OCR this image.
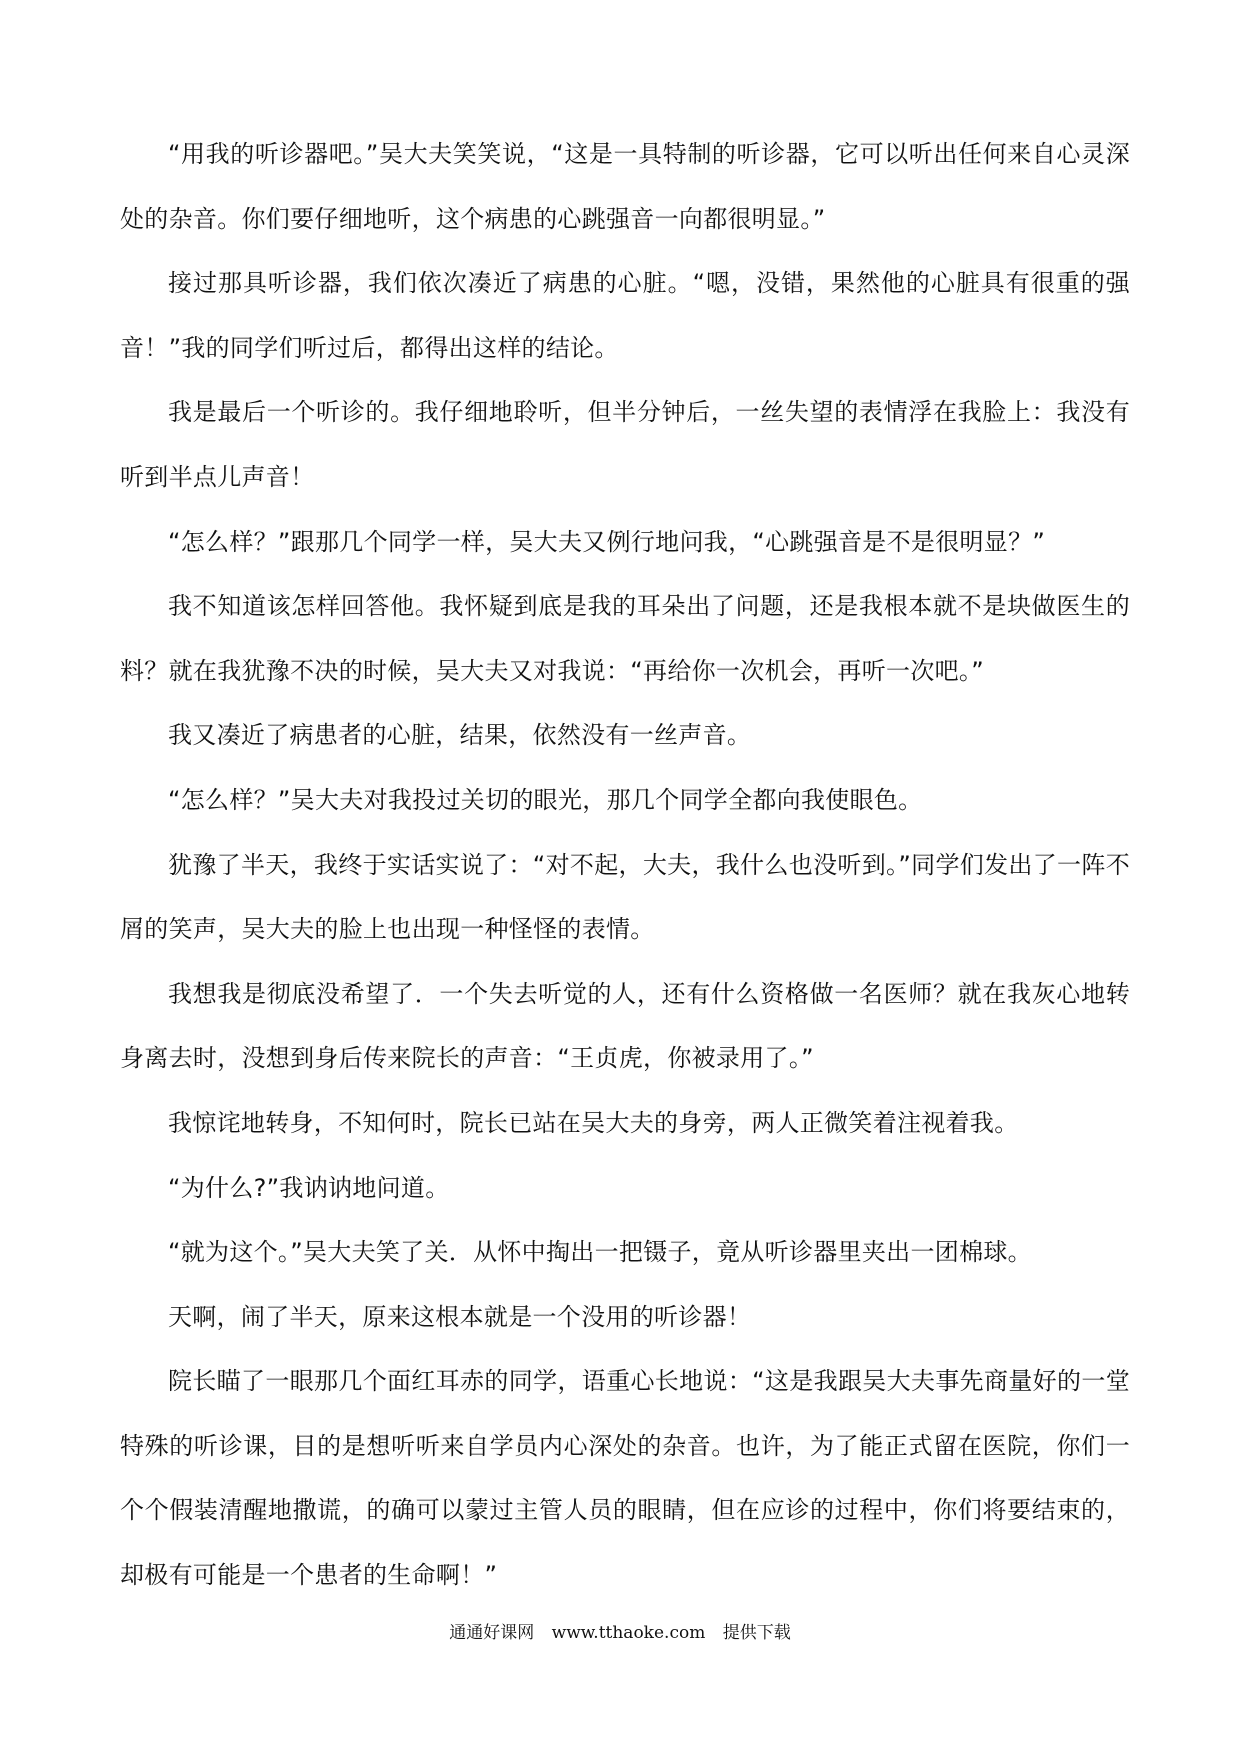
“用我的听诊器吧。”吴大夫笑笑说，“这是一具特制的听诊器，它可以听出任何来自心灵深处的杂音。你们要仔细地听，这个病患的心跳强音一向都很明显。”

接过那具听诊器，我们依次凑近了病患的心脏。“嗯，没错，果然他的心脏具有很重的强音！”我的同学们听过后，都得出这样的结论。

我是最后一个听诊的。我仔细地聆听，但半分钟后，一丝失望的表情浮在我脸上：我没有听到半点儿声音！

“怎么样？”跟那几个同学一样，吴大夫又例行地问我，“心跳强音是不是很明显？”

我不知道该怎样回答他。我怀疑到底是我的耳朵出了问题，还是我根本就不是块做医生的料？就在我犹豫不决的时候，吴大夫又对我说：“再给你一次机会，再听一次吧。”

我又凑近了病患者的心脏，结果，依然没有一丝声音。

“怎么样？”吴大夫对我投过关切的眼光，那几个同学全都向我使眼色。

犹豫了半天，我终于实话实说了：“对不起，大夫，我什么也没听到。”同学们发出了一阵不屑的笑声，吴大夫的脸上也出现一种怪怪的表情。

我想我是彻底没希望了．一个失去听觉的人，还有什么资格做一名医师？就在我灰心地转身离去时，没想到身后传来院长的声音：“王贞虎，你被录用了。”

我惊诧地转身，不知何时，院长已站在吴大夫的身旁，两人正微笑着注视着我。

“为什么?”我讷讷地问道。

“就为这个。”吴大夫笑了关．从怀中掏出一把镊子，竟从听诊器里夹出一团棉球。

天啊，闹了半天，原来这根本就是一个没用的听诊器！

院长瞄了一眼那几个面红耳赤的同学，语重心长地说：“这是我跟吴大夫事先商量好的一堂特殊的听诊课，目的是想听听来自学员内心深处的杂音。也许，为了能正式留在医院，你们一个个假装清醒地撒谎，的确可以蒙过主管人员的眼睛，但在应诊的过程中，你们将要结束的，却极有可能是一个患者的生命啊！”

通通好课网 www.tthaoke.com 提供下载
